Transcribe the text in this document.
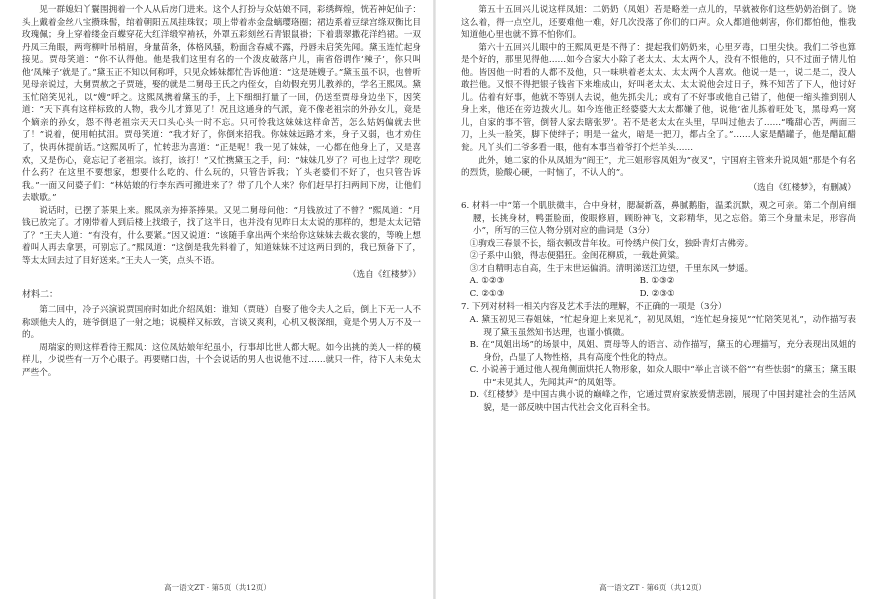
见一群媳妇丫鬟围拥着一个人从后房门进来。这个人打扮与众姑娘不同，彩绣辉煌，恍若神妃仙子：头上戴着金丝八宝攒珠髻，绾着朝阳五凤挂珠钗；项上带着赤金盘螭璎珞圈；裙边系着豆绿宫绦双衡比目玫瑰佩；身上穿着缕金百蝶穿花大红洋缎窄褃袄，外罩五彩刻丝石青银鼠褂；下着翡翠撒花洋绉裙。一双丹凤三角眼，两弯柳叶吊梢眉，身量苗条，体格风骚，粉面含春威不露，丹唇未启笑先闻。黛玉连忙起身接见。贾母笑道：“你不认得他。他是我们这里有名的一个泼皮破落户儿，南省俗谓作‘辣子’，你只叫他‘凤辣子’就是了。”黛玉正不知以何称呼，只见众姊妹都忙告诉他道：“这是琏嫂子。”黛玉虽不识，也曾听见母亲说过，大舅贾赦之子贾琏，娶的就是二舅母王氏之内侄女，自幼假充男儿教养的，学名王熙凤。黛玉忙陪笑见礼，以“嫂”呼之。这熙凤携着黛玉的手，上下细细打量了一回，仍送至贾母身边坐下，因笑道：“天下真有这样标致的人物，我今儿才算见了！况且这通身的气派，竟不像老祖宗的外孙女儿，竟是个嫡亲的孙女，怨不得老祖宗天天口头心头一时不忘。只可怜我这妹妹这样命苦，怎么姑妈偏就去世了！”说着，便用帕拭泪。贾母笑道：“我才好了，你倒来招我。你妹妹远路才来，身子又弱，也才劝住了，快再休提前话。”这熙凤听了，忙转悲为喜道：“正是呢！我一见了妹妹，一心都在他身上了，又是喜欢，又是伤心，竟忘记了老祖宗。该打，该打！”又忙携黛玉之手，问：“妹妹几岁了？可也上过学？现吃什么药？在这里不要想家，想要什么吃的、什么玩的，只管告诉我；丫头老婆们不好了，也只管告诉我。”一面又问婆子们：“林姑娘的行李东西可搬进来了？带了几个人来？你们赶早打扫两间下房，让他们去歇歇。”

说话时，已摆了茶果上来。熙凤亲为捧茶捧果。又见二舅母问他：“月钱放过了不曾？”熙凤道：“月钱已放完了。才刚带着人到后楼上找缎子，找了这半日，也并没有见昨日太太说的那样的，想是太太记错了？”王夫人道：“有没有，什么要紧。”因又说道：“该随手拿出两个来给你这妹妹去裁衣裳的，等晚上想着叫人再去拿罢，可别忘了。”熙凤道：“这倒是我先料着了，知道妹妹不过这两日到的，我已预备下了，等太太回去过了目好送来。”王夫人一笑，点头不语。

（选自《红楼梦》）

材料二：

第二回中，冷子兴演说贾国府时如此介绍凤姐：谁知（贾琏）自娶了他令夫人之后，倒上下无一人不称颂他夫人的，琏爷倒退了一射之地；说模样又标致，言谈又爽利，心机又极深细，竟是个男人万不及一的。

周瑞家的则这样看待王熙凤：这位凤姑娘年纪虽小，行事却比世人都大呢。如今出挑的美人一样的模样儿，少说些有一万个心眼子。再要赌口齿，十个会说话的男人也说他不过……就只一件，待下人未免太严些个。

高一语文ZT · 第5页（共12页）

第五十五回兴儿说这样凤姐：二奶奶（凤姐）若是略差一点儿的，早就被你们这些奶奶治倒了。饶这么着，得一点空儿，还要难他一难，好几次没落了你们的口声。众人都道他刺害，你们都怕他，惟我知道他心里也就不算不怕你们。

第六十五回兴儿眼中的王熙凤更是不得了：提起我们奶奶来，心里歹毒，口里尖快。我们二爷也算是个好的，那里见得他……如今合家大小除了老太太、太太两个人，没有不恨他的，只不过面子情儿怕他。皆因他一时看的人都不及他，只一味哄着老太太、太太两个人喜欢。他说一是一，说二是二，没人敢拦他。又恨不得把银子钱省下来堆成山，好叫老太太、太太说他会过日子，殊不知苦了下人，他讨好儿。估着有好事，他就不等别人去说，他先抓尖儿；或有了不好事或他自己错了，他便一缩头推到别人身上来，他还在旁边拨火儿。如今连他正经婆婆大太太都嫌了他，说他‘雀儿拣着旺处飞，黑母鸡一窝儿，自家的事不管，倒替人家去瞎张罗’。若不是老太太在头里，早叫过他去了……“嘴甜心苦，两面三刀，上头一脸笑，脚下使绊子；明是一盆火，暗是一把刀，都占全了。”……人家是醋罐子，他是醋缸醋瓮。凡丫头们二爷多看一眼，他有本事当着爷打个烂羊头……

此外，她二家的仆从凤姐为“阎王”，尤三姐形容凤姐为“夜叉”，宁国府主管来升说凤姐“那是个有名的烈货，脸酸心硬，一时恼了，不认人的”。

（选自《红楼梦》，有删减）

6. 材料一中“第一个肌肤微丰，合中身材，腮凝新荔，鼻腻鹅脂，温柔沉默，观之可亲。第二个削肩细腰，长挑身材，鸭蛋脸面，俊眼修眉，顾盼神飞，文彩精华，见之忘俗。第三个身量未足，形容尚小”，所写的三位人物分别对应的曲词是（3分）

①驹戏三春景不长，缁衣顿改昔年妆。可怜绣户侯门女，独卧青灯古佛旁。

②子系中山狼，得志便猖狂。金闺花柳质，一载赴黄粱。

③才自精明志自高，生于末世运偏消。清明涕送江边望，千里东风一梦遥。

A. ①②③	B. ①③②
C. ②①③	D. ②③①

7. 下列对材料一相关内容及艺术手法的理解，不正确的一项是（3分）

A. 黛玉初见三春姐妹，“忙起身迎上来见礼”，初见凤姐，“连忙起身接见”“忙陪笑见礼”，动作描写表现了黛玉虽然知书达理，也谨小慎微。

B. 在“凤姐出场”的场景中，凤姐、贾母等人的语言、动作描写，黛玉的心理描写，充分表现出凤姐的身份，凸显了人物性格，具有高度个性化的特点。

C. 小说善于通过他人视角侧面烘托人物形象，如众人眼中“举止言谈不俗”“有些怯弱”的黛玉；黛玉眼中“未见其人，先闻其声”的凤姐等。

D.《红楼梦》是中国古典小说的巅峰之作，它通过贾府家族爱情悲剧，展现了中国封建社会的生活风貌，是一部反映中国古代社会文化百科全书。

高一语文ZT · 第6页（共12页）
